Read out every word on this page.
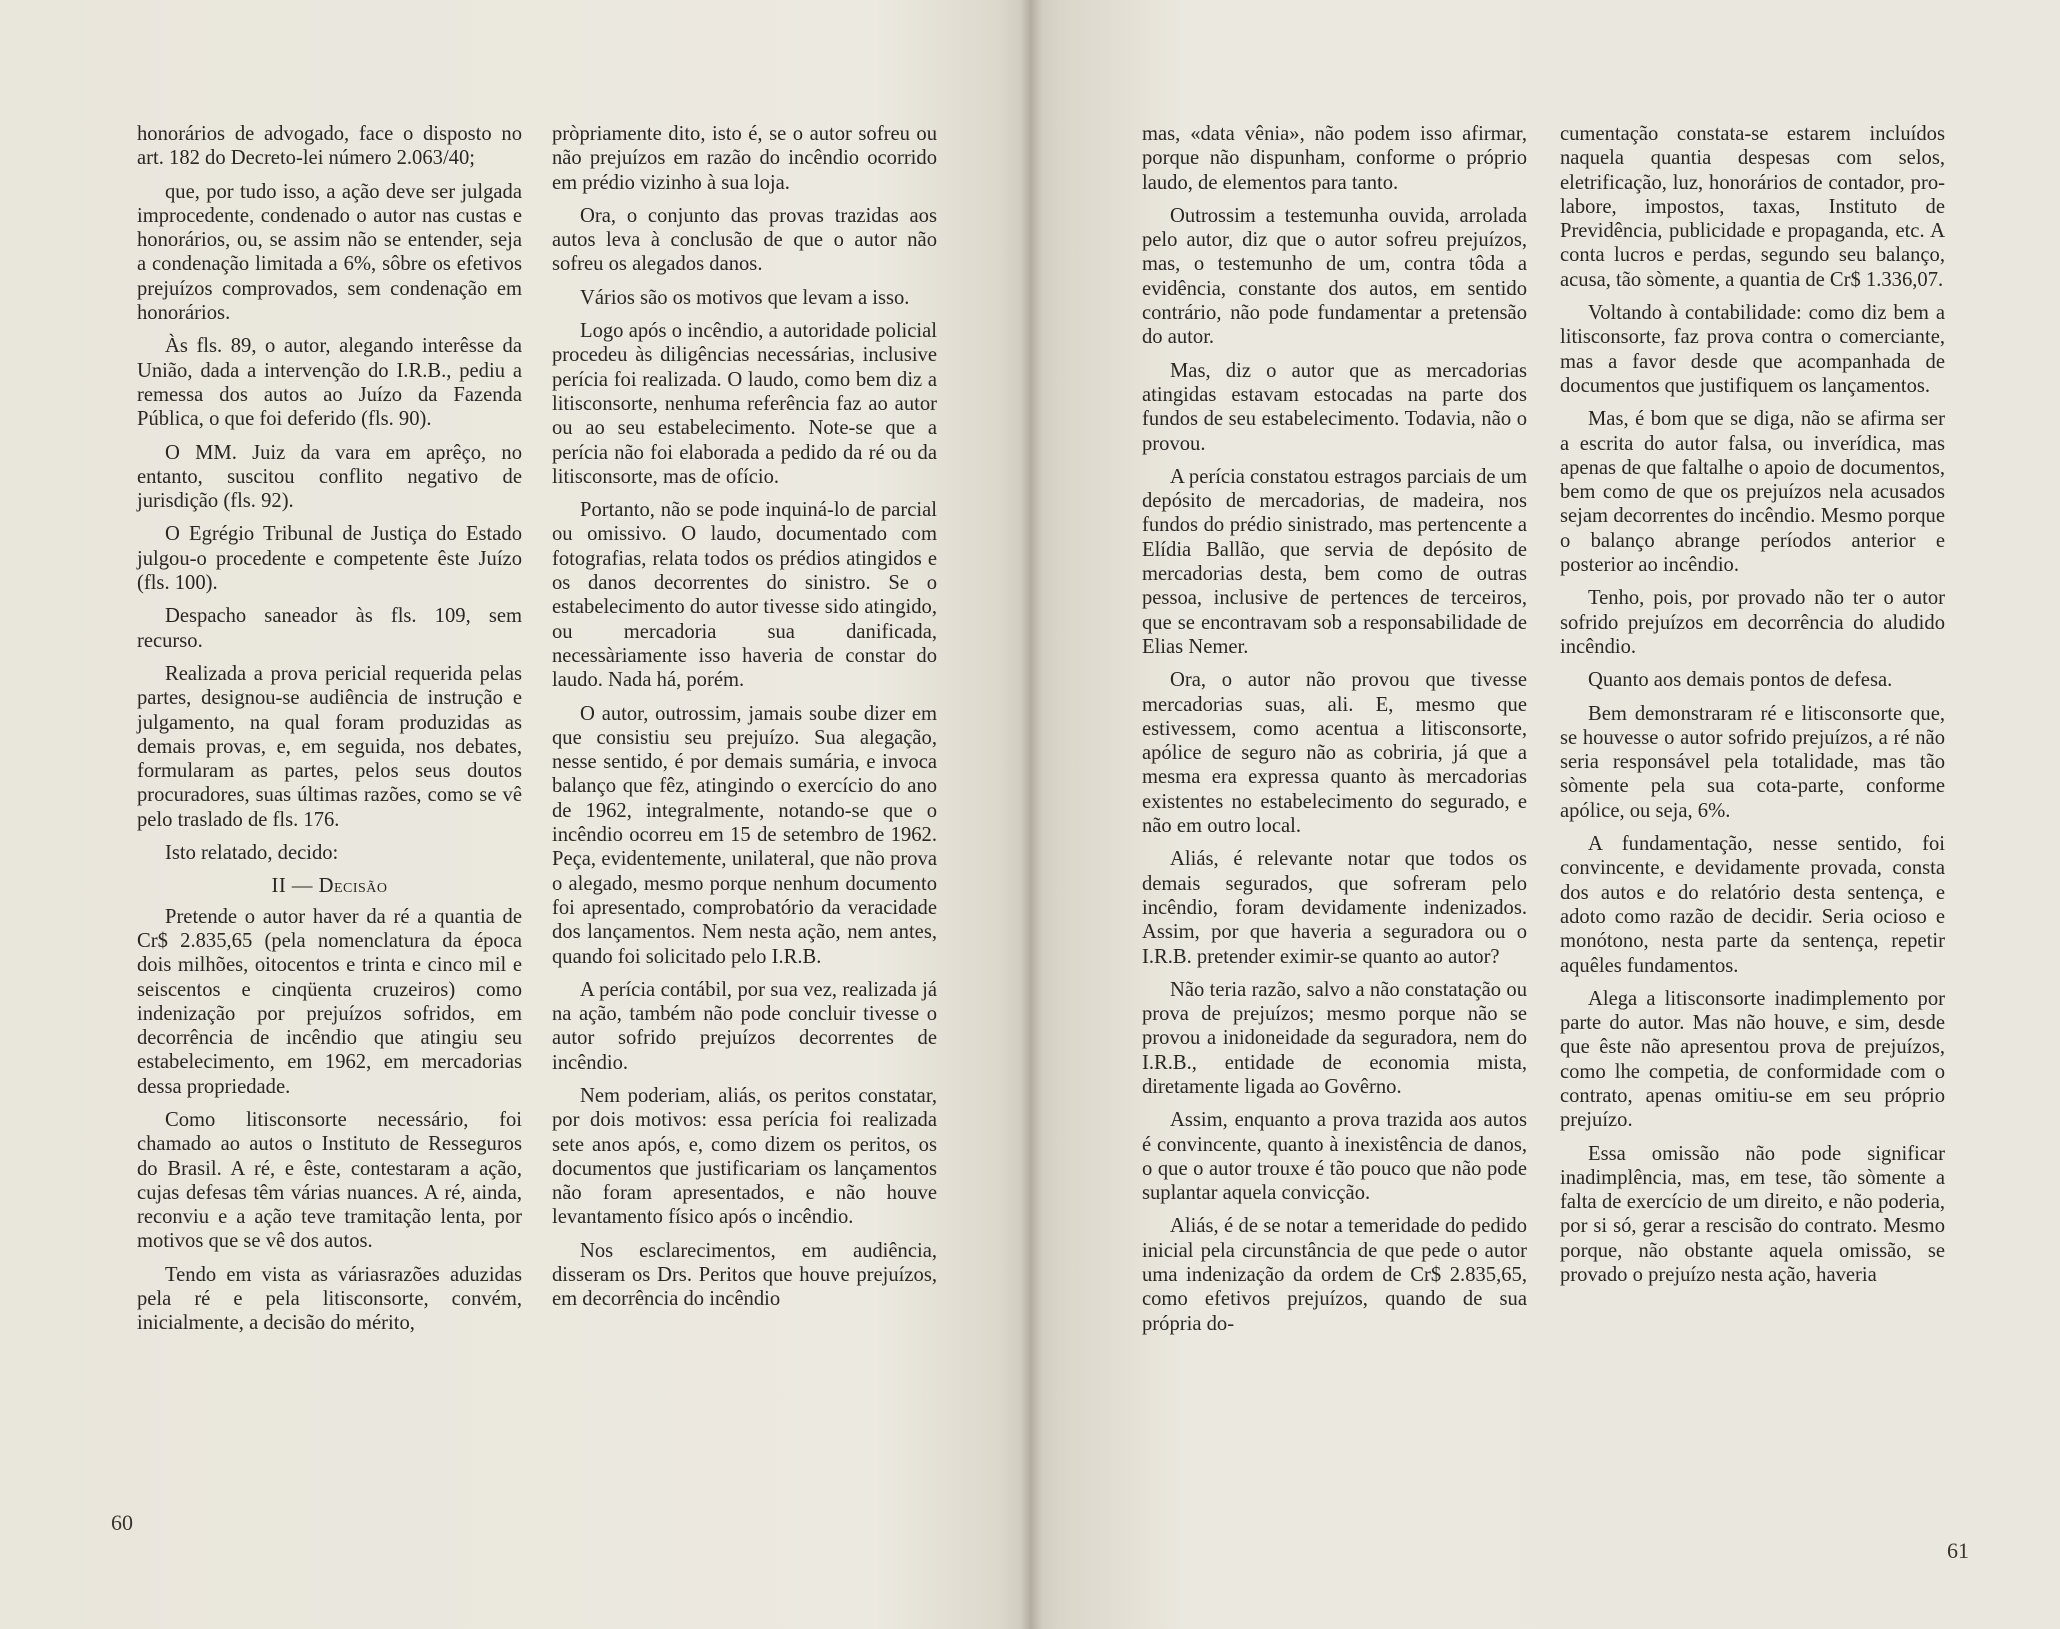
honorários de advogado, face o disposto no art. 182 do Decreto-lei número 2.063/40;

que, por tudo isso, a ação deve ser julgada improcedente, condenado o autor nas custas e honorários, ou, se assim não se entender, seja a condenação limitada a 6%, sôbre os efetivos prejuízos comprovados, sem condenação em honorários.

Às fls. 89, o autor, alegando interêsse da União, dada a intervenção do I.R.B., pediu a remessa dos autos ao Juízo da Fazenda Pública, o que foi deferido (fls. 90).

O MM. Juiz da vara em aprêço, no entanto, suscitou conflito negativo de jurisdição (fls. 92).

O Egrégio Tribunal de Justiça do Estado julgou-o procedente e competente êste Juízo (fls. 100).

Despacho saneador às fls. 109, sem recurso.

Realizada a prova pericial requerida pelas partes, designou-se audiência de instrução e julgamento, na qual foram produzidas as demais provas, e, em seguida, nos debates, formularam as partes, pelos seus doutos procuradores, suas últimas razões, como se vê pelo traslado de fls. 176.

Isto relatado, decido:

II — Decisão

Pretende o autor haver da ré a quantia de Cr$ 2.835,65 (pela nomenclatura da época dois milhões, oitocentos e trinta e cinco mil e seiscentos e cinqüenta cruzeiros) como indenização por prejuízos sofridos, em decorrência de incêndio que atingiu seu estabelecimento, em 1962, em mercadorias dessa propriedade.

Como litisconsorte necessário, foi chamado ao autos o Instituto de Resseguros do Brasil. A ré, e êste, contestaram a ação, cujas defesas têm várias nuances. A ré, ainda, reconviu e a ação teve tramitação lenta, por motivos que se vê dos autos.

Tendo em vista as váriasrazões aduzidas pela ré e pela litisconsorte, convém, inicialmente, a decisão do mérito,

pròpriamente dito, isto é, se o autor sofreu ou não prejuízos em razão do incêndio ocorrido em prédio vizinho à sua loja.

Ora, o conjunto das provas trazidas aos autos leva à conclusão de que o autor não sofreu os alegados danos.

Vários são os motivos que levam a isso.

Logo após o incêndio, a autoridade policial procedeu às diligências necessárias, inclusive perícia foi realizada. O laudo, como bem diz a litisconsorte, nenhuma referência faz ao autor ou ao seu estabelecimento. Note-se que a perícia não foi elaborada a pedido da ré ou da litisconsorte, mas de ofício.

Portanto, não se pode inquiná-lo de parcial ou omissivo. O laudo, documentado com fotografias, relata todos os prédios atingidos e os danos decorrentes do sinistro. Se o estabelecimento do autor tivesse sido atingido, ou mercadoria sua danificada, necessàriamente isso haveria de constar do laudo. Nada há, porém.

O autor, outrossim, jamais soube dizer em que consistiu seu prejuízo. Sua alegação, nesse sentido, é por demais sumária, e invoca balanço que fêz, atingindo o exercício do ano de 1962, integralmente, notando-se que o incêndio ocorreu em 15 de setembro de 1962. Peça, evidentemente, unilateral, que não prova o alegado, mesmo porque nenhum documento foi apresentado, comprobatório da veracidade dos lançamentos. Nem nesta ação, nem antes, quando foi solicitado pelo I.R.B.

A perícia contábil, por sua vez, realizada já na ação, também não pode concluir tivesse o autor sofrido prejuízos decorrentes de incêndio.

Nem poderiam, aliás, os peritos constatar, por dois motivos: essa perícia foi realizada sete anos após, e, como dizem os peritos, os documentos que justificariam os lançamentos não foram apresentados, e não houve levantamento físico após o incêndio.

Nos esclarecimentos, em audiência, disseram os Drs. Peritos que houve prejuízos, em decorrência do incêndio

60

mas, «data vênia», não podem isso afirmar, porque não dispunham, conforme o próprio laudo, de elementos para tanto.

Outrossim a testemunha ouvida, arrolada pelo autor, diz que o autor sofreu prejuízos, mas, o testemunho de um, contra tôda a evidência, constante dos autos, em sentido contrário, não pode fundamentar a pretensão do autor.

Mas, diz o autor que as mercadorias atingidas estavam estocadas na parte dos fundos de seu estabelecimento. Todavia, não o provou.

A perícia constatou estragos parciais de um depósito de mercadorias, de madeira, nos fundos do prédio sinistrado, mas pertencente a Elídia Ballão, que servia de depósito de mercadorias desta, bem como de outras pessoa, inclusive de pertences de terceiros, que se encontravam sob a responsabilidade de Elias Nemer.

Ora, o autor não provou que tivesse mercadorias suas, ali. E, mesmo que estivessem, como acentua a litisconsorte, apólice de seguro não as cobriria, já que a mesma era expressa quanto às mercadorias existentes no estabelecimento do segurado, e não em outro local.

Aliás, é relevante notar que todos os demais segurados, que sofreram pelo incêndio, foram devidamente indenizados. Assim, por que haveria a seguradora ou o I.R.B. pretender eximir-se quanto ao autor?

Não teria razão, salvo a não constatação ou prova de prejuízos; mesmo porque não se provou a inidoneidade da seguradora, nem do I.R.B., entidade de economia mista, diretamente ligada ao Govêrno.

Assim, enquanto a prova trazida aos autos é convincente, quanto à inexistência de danos, o que o autor trouxe é tão pouco que não pode suplantar aquela convicção.

Aliás, é de se notar a temeridade do pedido inicial pela circunstância de que pede o autor uma indenização da ordem de Cr$ 2.835,65, como efetivos prejuízos, quando de sua própria do-

cumentação constata-se estarem incluídos naquela quantia despesas com selos, eletrificação, luz, honorários de contador, pro-labore, impostos, taxas, Instituto de Previdência, publicidade e propaganda, etc. A conta lucros e perdas, segundo seu balanço, acusa, tão sòmente, a quantia de Cr$ 1.336,07.

Voltando à contabilidade: como diz bem a litisconsorte, faz prova contra o comerciante, mas a favor desde que acompanhada de documentos que justifiquem os lançamentos.

Mas, é bom que se diga, não se afirma ser a escrita do autor falsa, ou inverídica, mas apenas de que faltalhe o apoio de documentos, bem como de que os prejuízos nela acusados sejam decorrentes do incêndio. Mesmo porque o balanço abrange períodos anterior e posterior ao incêndio.

Tenho, pois, por provado não ter o autor sofrido prejuízos em decorrência do aludido incêndio.

Quanto aos demais pontos de defesa.

Bem demonstraram ré e litisconsorte que, se houvesse o autor sofrido prejuízos, a ré não seria responsável pela totalidade, mas tão sòmente pela sua cota-parte, conforme apólice, ou seja, 6%.

A fundamentação, nesse sentido, foi convincente, e devidamente provada, consta dos autos e do relatório desta sentença, e adoto como razão de decidir. Seria ocioso e monótono, nesta parte da sentença, repetir aquêles fundamentos.

Alega a litisconsorte inadimplemento por parte do autor. Mas não houve, e sim, desde que êste não apresentou prova de prejuízos, como lhe competia, de conformidade com o contrato, apenas omitiu-se em seu próprio prejuízo.

Essa omissão não pode significar inadimplência, mas, em tese, tão sòmente a falta de exercício de um direito, e não poderia, por si só, gerar a rescisão do contrato. Mesmo porque, não obstante aquela omissão, se provado o prejuízo nesta ação, haveria

61
